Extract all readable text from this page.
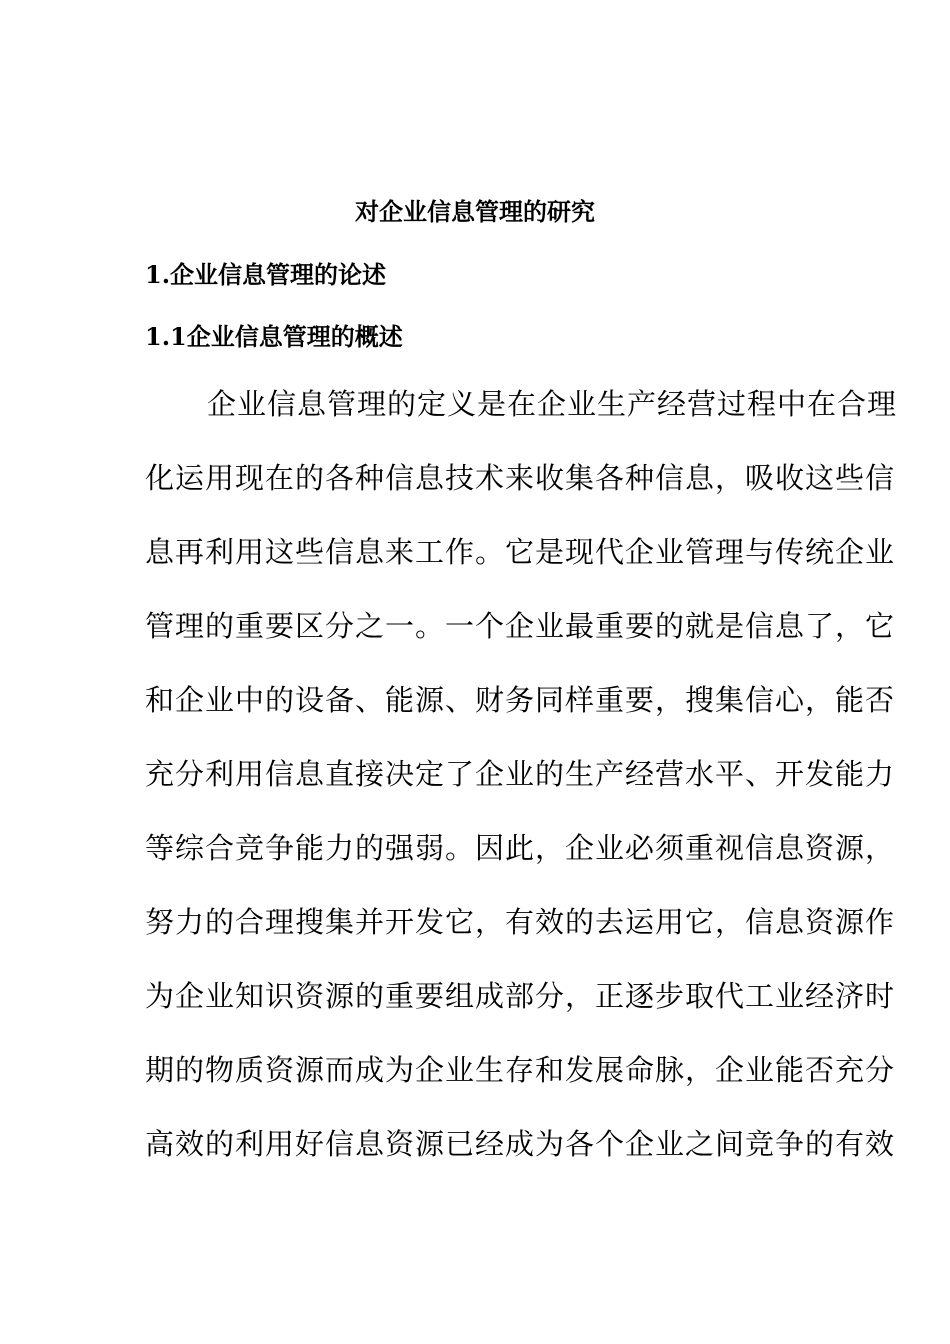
对企业信息管理的研究
1.企业信息管理的论述
1.1企业信息管理的概述

企业信息管理的定义是在企业生产经营过程中在合理

化运用现在的各种信息技术来收集各种信息，吸收这些信

息再利用这些信息来工作。它是现代企业管理与传统企业

管理的重要区分之一。一个企业最重要的就是信息了，它

和企业中的设备、能源、财务同样重要，搜集信心，能否

充分利用信息直接决定了企业的生产经营水平、开发能力

等综合竞争能力的强弱。因此，企业必须重视信息资源，

努力的合理搜集并开发它，有效的去运用它，信息资源作

为企业知识资源的重要组成部分，正逐步取代工业经济时

期的物质资源而成为企业生存和发展命脉，企业能否充分

高效的利用好信息资源已经成为各个企业之间竞争的有效
